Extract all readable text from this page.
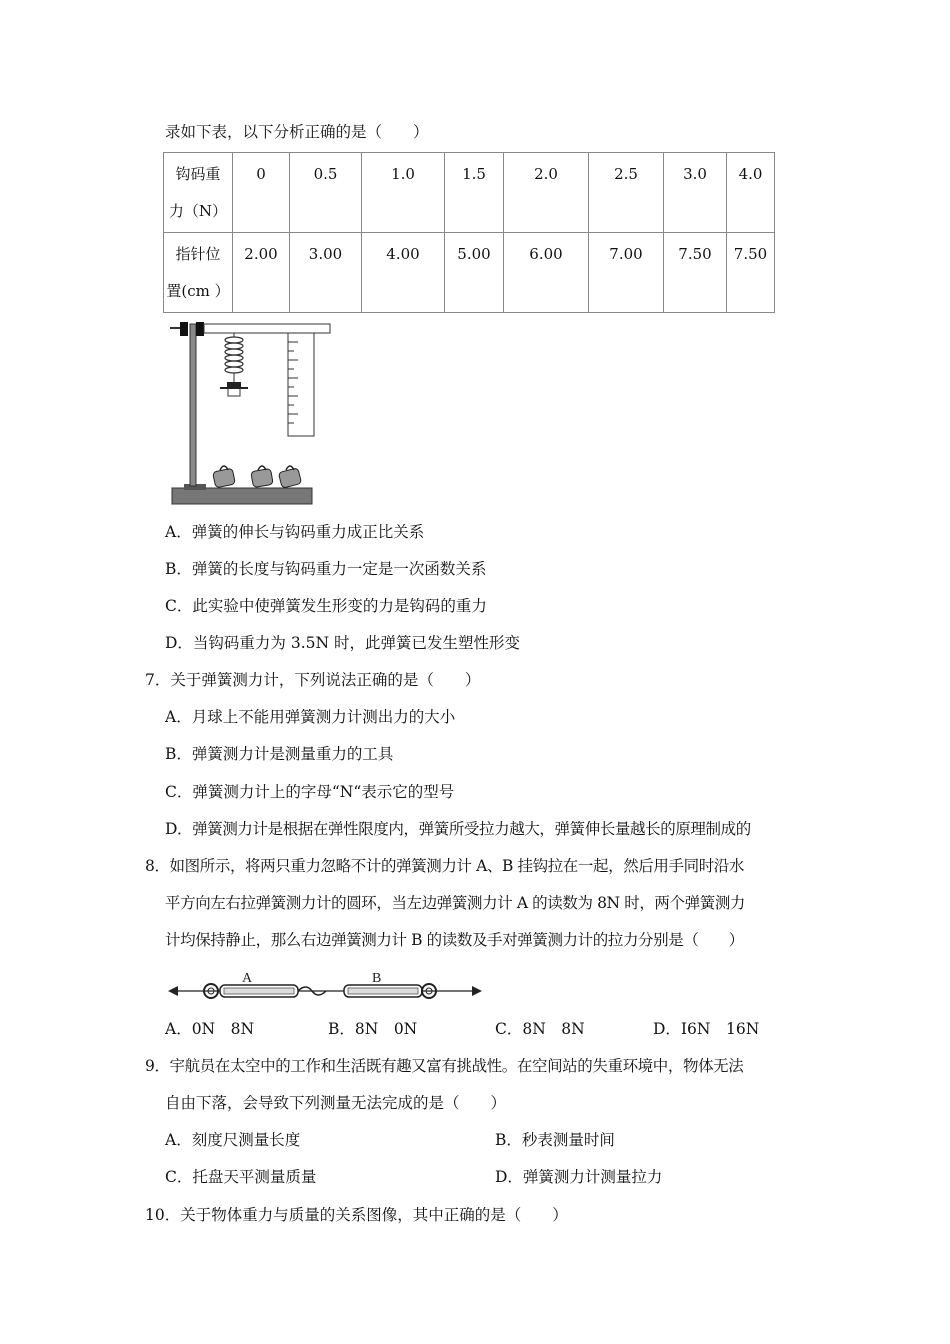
录如下表，以下分析正确的是（　　）
钩码重
力（N）	0	0.5	1.0	1.5	2.0	2.5	3.0	4.0
指针位
置(cm ）	2.00	3.00	4.00	5.00	6.00	7.00	7.50	7.50
A．弹簧的伸长与钩码重力成正比关系
B．弹簧的长度与钩码重力一定是一次函数关系
C．此实验中使弹簧发生形变的力是钩码的重力
D．当钩码重力为 3.5N 时，此弹簧已发生塑性形变
7．关于弹簧测力计，下列说法正确的是（　　）
A．月球上不能用弹簧测力计测出力的大小
B．弹簧测力计是测量重力的工具
C．弹簧测力计上的字母“N“表示它的型号
D．弹簧测力计是根据在弹性限度内，弹簧所受拉力越大，弹簧伸长量越长的原理制成的
8．如图所示，将两只重力忽略不计的弹簧测力计 A、B 挂钩拉在一起，然后用手同时沿水
平方向左右拉弹簧测力计的圆环，当左边弹簧测力计 A 的读数为 8N 时，两个弹簧测力
计均保持静止，那么右边弹簧测力计 B 的读数及手对弹簧测力计的拉力分别是（　　）
A	B
A．0N　8N	B．8N　0N	C．8N　8N	D．I6N　16N
9．宇航员在太空中的工作和生活既有趣又富有挑战性。在空间站的失重环境中，物体无法
自由下落，会导致下列测量无法完成的是（　　）
A．刻度尺测量长度	B．秒表测量时间
C．托盘天平测量质量	D．弹簧测力计测量拉力
10．关于物体重力与质量的关系图像，其中正确的是（　　）
